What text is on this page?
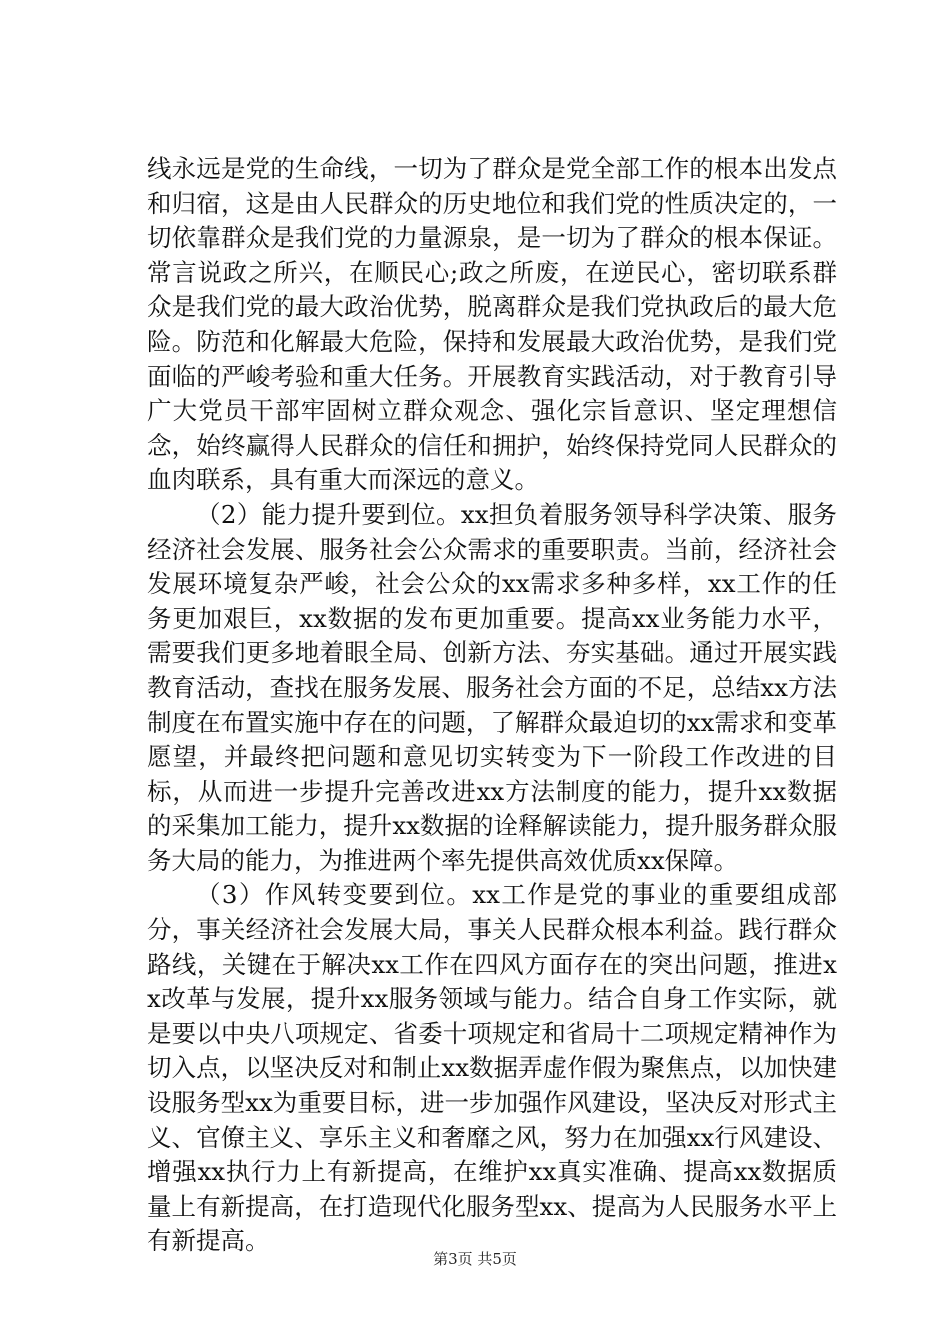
线永远是党的生命线，一切为了群众是党全部工作的根本出发点和归宿，这是由人民群众的历史地位和我们党的性质决定的，一切依靠群众是我们党的力量源泉，是一切为了群众的根本保证。常言说政之所兴，在顺民心;政之所废，在逆民心，密切联系群众是我们党的最大政治优势，脱离群众是我们党执政后的最大危险。防范和化解最大危险，保持和发展最大政治优势，是我们党面临的严峻考验和重大任务。开展教育实践活动，对于教育引导广大党员干部牢固树立群众观念、强化宗旨意识、坚定理想信念，始终赢得人民群众的信任和拥护，始终保持党同人民群众的血肉联系，具有重大而深远的意义。

（2）能力提升要到位。xx担负着服务领导科学决策、服务经济社会发展、服务社会公众需求的重要职责。当前，经济社会发展环境复杂严峻，社会公众的xx需求多种多样，xx工作的任务更加艰巨，xx数据的发布更加重要。提高xx业务能力水平，需要我们更多地着眼全局、创新方法、夯实基础。通过开展实践教育活动，查找在服务发展、服务社会方面的不足，总结xx方法制度在布置实施中存在的问题，了解群众最迫切的xx需求和变革愿望，并最终把问题和意见切实转变为下一阶段工作改进的目标，从而进一步提升完善改进xx方法制度的能力，提升xx数据的采集加工能力，提升xx数据的诠释解读能力，提升服务群众服务大局的能力，为推进两个率先提供高效优质xx保障。

（3）作风转变要到位。xx工作是党的事业的重要组成部分，事关经济社会发展大局，事关人民群众根本利益。践行群众路线，关键在于解决xx工作在四风方面存在的突出问题，推进xx改革与发展，提升xx服务领域与能力。结合自身工作实际，就是要以中央八项规定、省委十项规定和省局十二项规定精神作为切入点，以坚决反对和制止xx数据弄虚作假为聚焦点，以加快建设服务型xx为重要目标，进一步加强作风建设，坚决反对形式主义、官僚主义、享乐主义和奢靡之风，努力在加强xx行风建设、增强xx执行力上有新提高，在维护xx真实准确、提高xx数据质量上有新提高，在打造现代化服务型xx、提高为人民服务水平上有新提高。

第3页 共5页
